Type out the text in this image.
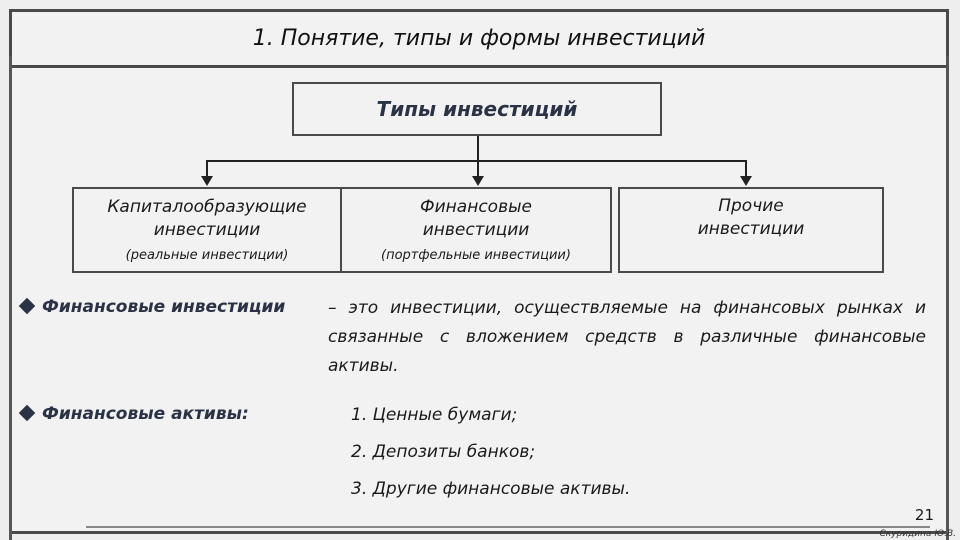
1. Понятие, типы и формы инвестиций
Типы инвестиций
Капиталообразующие инвестиции
(реальные инвестиции)
Финансовые инвестиции
(портфельные инвестиции)
Прочие инвестиции
Финансовые инвестиции	– это инвестиции, осуществляемые на финансовых рынках и связанные с вложением средств в различные финансовые активы.
Финансовые активы:	1. Ценные бумаги;
2. Депозиты банков;
3. Другие финансовые активы.
21
Скуридина Ю.В.
